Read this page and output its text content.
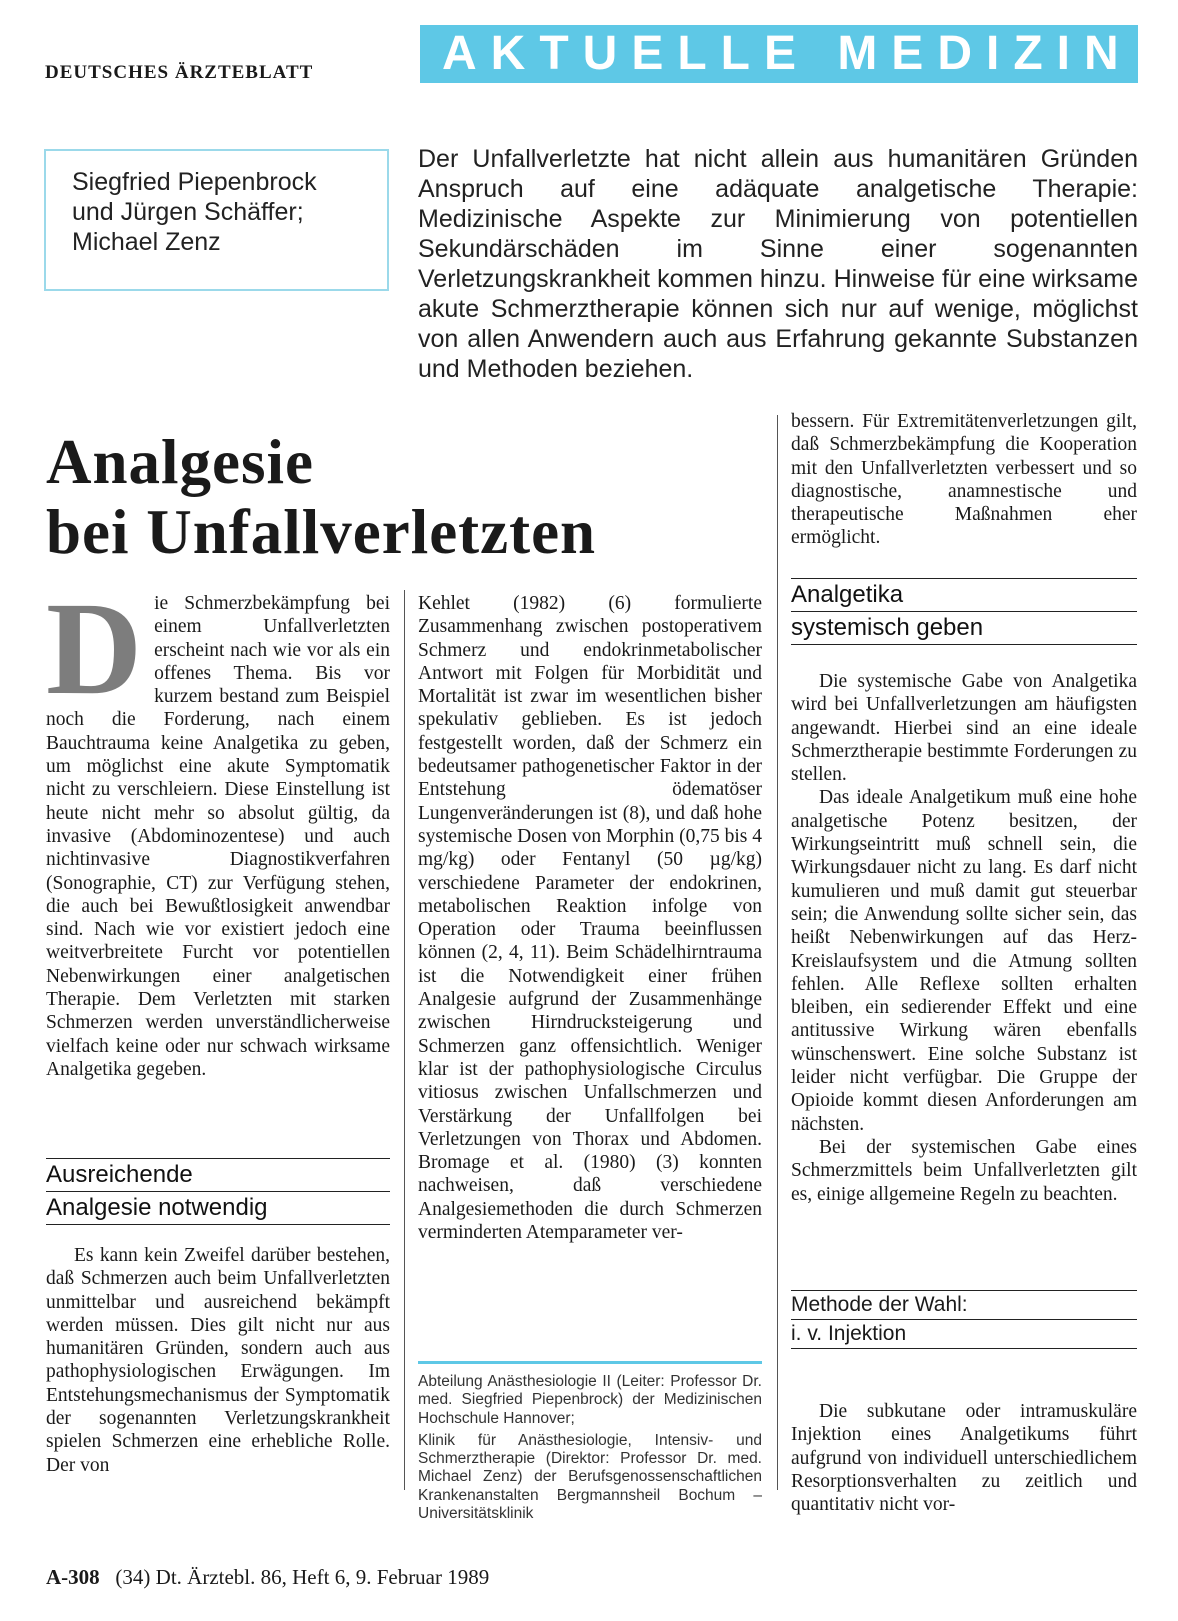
DEUTSCHES ÄRZTEBLATT	AKTUELLE MEDIZIN
Siegfried Piepenbrock
und Jürgen Schäffer;
Michael Zenz
Der Unfallverletzte hat nicht allein aus humanitären Gründen Anspruch auf eine adäquate analgetische Therapie: Medizinische Aspekte zur Minimierung von potentiellen Sekundärschäden im Sinne einer sogenannten Verletzungskrankheit kommen hinzu. Hinweise für eine wirksame akute Schmerztherapie können sich nur auf wenige, möglichst von allen Anwendern auch aus Erfahrung gekannte Substanzen und Methoden beziehen.
Analgesie
bei Unfallverletzten

Die Schmerzbekämpfung bei einem Unfallverletzten erscheint nach wie vor als ein offenes Thema. Bis vor kurzem bestand zum Beispiel noch die Forderung, nach einem Bauchtrauma keine Analgetika zu geben, um möglichst eine akute Symptomatik nicht zu verschleiern. Diese Einstellung ist heute nicht mehr so absolut gültig, da invasive (Abdominozentese) und auch nichtinvasive Diagnostikverfahren (Sonographie, CT) zur Verfügung stehen, die auch bei Bewußtlosigkeit anwendbar sind. Nach wie vor existiert jedoch eine weitverbreitete Furcht vor potentiellen Nebenwirkungen einer analgetischen Therapie. Dem Verletzten mit starken Schmerzen werden unverständlicherweise vielfach keine oder nur schwach wirksame Analgetika gegeben.

Ausreichende
Analgesie notwendig

Es kann kein Zweifel darüber bestehen, daß Schmerzen auch beim Unfallverletzten unmittelbar und ausreichend bekämpft werden müssen. Dies gilt nicht nur aus humanitären Gründen, sondern auch aus pathophysiologischen Erwägungen. Im Entstehungsmechanismus der Symptomatik der sogenannten Verletzungskrankheit spielen Schmerzen eine erhebliche Rolle. Der von

Kehlet (1982) (6) formulierte Zusammenhang zwischen postoperativem Schmerz und endokrinmetabolischer Antwort mit Folgen für Morbidität und Mortalität ist zwar im wesentlichen bisher spekulativ geblieben. Es ist jedoch festgestellt worden, daß der Schmerz ein bedeutsamer pathogenetischer Faktor in der Entstehung ödematöser Lungenveränderungen ist (8), und daß hohe systemische Dosen von Morphin (0,75 bis 4 mg/kg) oder Fentanyl (50 µg/kg) verschiedene Parameter der endokrinen, metabolischen Reaktion infolge von Operation oder Trauma beeinflussen können (2, 4, 11). Beim Schädelhirntrauma ist die Notwendigkeit einer frühen Analgesie aufgrund der Zusammenhänge zwischen Hirndrucksteigerung und Schmerzen ganz offensichtlich. Weniger klar ist der pathophysiologische Circulus vitiosus zwischen Unfallschmerzen und Verstärkung der Unfallfolgen bei Verletzungen von Thorax und Abdomen. Bromage et al. (1980) (3) konnten nachweisen, daß verschiedene Analgesiemethoden die durch Schmerzen verminderten Atemparameter ver-

Abteilung Anästhesiologie II (Leiter: Professor Dr. med. Siegfried Piepenbrock) der Medizinischen Hochschule Hannover;

Klinik für Anästhesiologie, Intensiv- und Schmerztherapie (Direktor: Professor Dr. med. Michael Zenz) der Berufsgenossenschaftlichen Krankenanstalten Bergmannsheil Bochum – Universitätsklinik

bessern. Für Extremitätenverletzungen gilt, daß Schmerzbekämpfung die Kooperation mit den Unfallverletzten verbessert und so diagnostische, anamnestische und therapeutische Maßnahmen eher ermöglicht.

Analgetika
systemisch geben

Die systemische Gabe von Analgetika wird bei Unfallverletzungen am häufigsten angewandt. Hierbei sind an eine ideale Schmerztherapie bestimmte Forderungen zu stellen.

Das ideale Analgetikum muß eine hohe analgetische Potenz besitzen, der Wirkungseintritt muß schnell sein, die Wirkungsdauer nicht zu lang. Es darf nicht kumulieren und muß damit gut steuerbar sein; die Anwendung sollte sicher sein, das heißt Nebenwirkungen auf das Herz-Kreislaufsystem und die Atmung sollten fehlen. Alle Reflexe sollten erhalten bleiben, ein sedierender Effekt und eine antitussive Wirkung wären ebenfalls wünschenswert. Eine solche Substanz ist leider nicht verfügbar. Die Gruppe der Opioide kommt diesen Anforderungen am nächsten.

Bei der systemischen Gabe eines Schmerzmittels beim Unfallverletzten gilt es, einige allgemeine Regeln zu beachten.

Methode der Wahl:
i. v. Injektion

Die subkutane oder intramuskuläre Injektion eines Analgetikums führt aufgrund von individuell unterschiedlichem Resorptionsverhalten zu zeitlich und quantitativ nicht vor-

A-308 (34) Dt. Ärztebl. 86, Heft 6, 9. Februar 1989
